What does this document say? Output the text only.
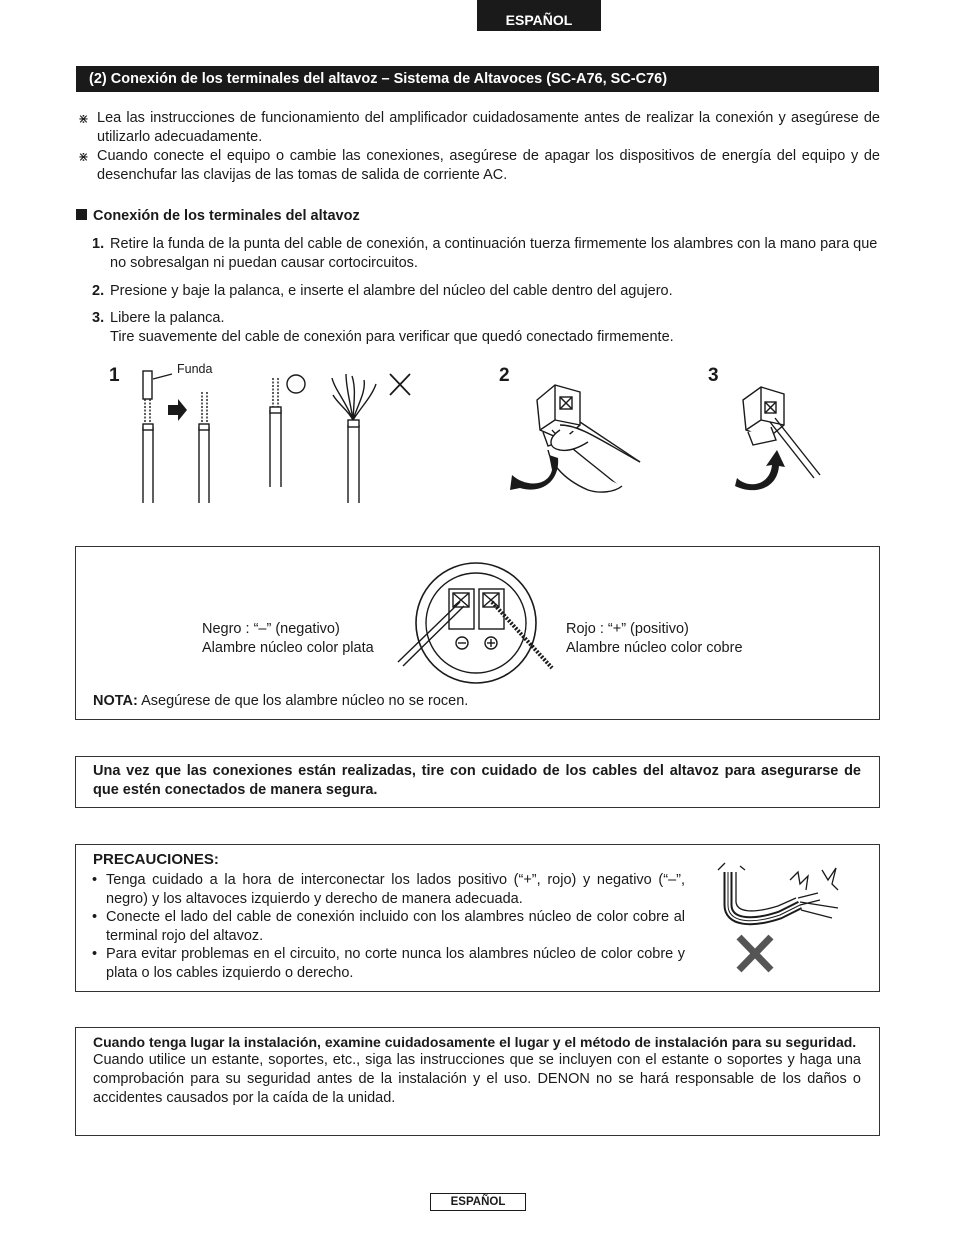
ESPAÑOL
(2) Conexión de los terminales del altavoz – Sistema de Altavoces (SC-A76, SC-C76)
⋇ Lea las instrucciones de funcionamiento del amplificador cuidadosamente antes de realizar la conexión y asegúrese de utilizarlo adecuadamente.
⋇ Cuando conecte el equipo o cambie las conexiones, asegúrese de apagar los dispositivos de energía del equipo y de desenchufar las clavijas de las tomas de salida de corriente AC.
Conexión de los terminales del altavoz
1. Retire la funda de la punta del cable de conexión, a continuación tuerza firmemente los alambres con la mano para que no sobresalgan ni puedan causar cortocircuitos.
2. Presione y baje la palanca, e inserte el alambre del núcleo del cable dentro del agujero.
3. Libere la palanca.
Tire suavemente del cable de conexión para verificar que quedó conectado firmemente.
1	2	3
Funda
Negro : “–” (negativo)
Alambre núcleo color plata
Rojo : “+” (positivo)
Alambre núcleo color cobre
NOTA: Asegúrese de que los alambre núcleo no se rocen.
Una vez que las conexiones están realizadas, tire con cuidado de los cables del altavoz para asegurarse de que estén conectados de manera segura.
PRECAUCIONES:
• Tenga cuidado a la hora de interconectar los lados positivo (“+”, rojo) y negativo (“–”, negro) y los altavoces izquierdo y derecho de manera adecuada.
• Conecte el lado del cable de conexión incluido con los alambres núcleo de color cobre al terminal rojo del altavoz.
• Para evitar problemas en el circuito, no corte nunca los alambres núcleo de color cobre y plata o los cables izquierdo o derecho.
Cuando tenga lugar la instalación, examine cuidadosamente el lugar y el método de instalación para su seguridad.
Cuando utilice un estante, soportes, etc., siga las instrucciones que se incluyen con el estante o soportes y haga una comprobación para su seguridad antes de la instalación y el uso. DENON no se hará responsable de los daños o accidentes causados por la caída de la unidad.
ESPAÑOL
